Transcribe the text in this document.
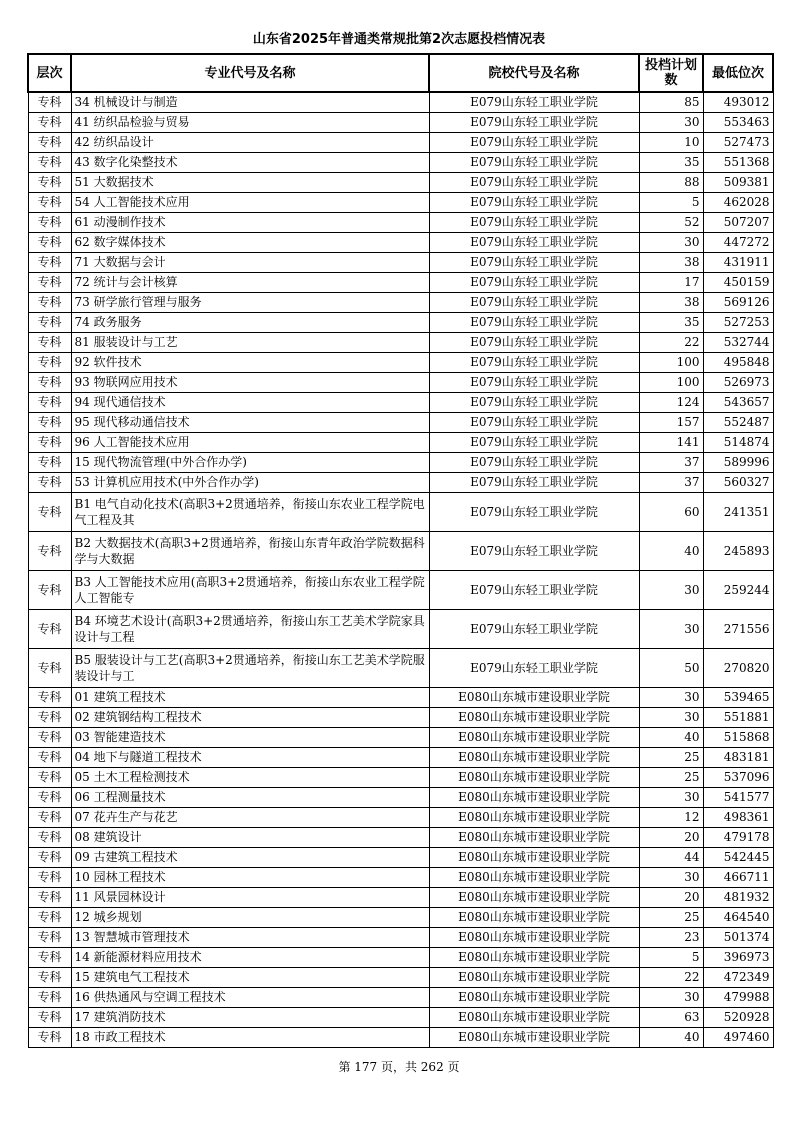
山东省2025年普通类常规批第2次志愿投档情况表
层次	专业代号及名称	院校代号及名称	投档计划数	最低位次
专科	34 机械设计与制造	E079山东轻工职业学院	85	493012
专科	41 纺织品检验与贸易	E079山东轻工职业学院	30	553463
专科	42 纺织品设计	E079山东轻工职业学院	10	527473
专科	43 数字化染整技术	E079山东轻工职业学院	35	551368
专科	51 大数据技术	E079山东轻工职业学院	88	509381
专科	54 人工智能技术应用	E079山东轻工职业学院	5	462028
专科	61 动漫制作技术	E079山东轻工职业学院	52	507207
专科	62 数字媒体技术	E079山东轻工职业学院	30	447272
专科	71 大数据与会计	E079山东轻工职业学院	38	431911
专科	72 统计与会计核算	E079山东轻工职业学院	17	450159
专科	73 研学旅行管理与服务	E079山东轻工职业学院	38	569126
专科	74 政务服务	E079山东轻工职业学院	35	527253
专科	81 服装设计与工艺	E079山东轻工职业学院	22	532744
专科	92 软件技术	E079山东轻工职业学院	100	495848
专科	93 物联网应用技术	E079山东轻工职业学院	100	526973
专科	94 现代通信技术	E079山东轻工职业学院	124	543657
专科	95 现代移动通信技术	E079山东轻工职业学院	157	552487
专科	96 人工智能技术应用	E079山东轻工职业学院	141	514874
专科	15 现代物流管理(中外合作办学)	E079山东轻工职业学院	37	589996
专科	53 计算机应用技术(中外合作办学)	E079山东轻工职业学院	37	560327
专科	B1 电气自动化技术(高职3+2贯通培养，衔接山东农业工程学院电气工程及其	E079山东轻工职业学院	60	241351
专科	B2 大数据技术(高职3+2贯通培养，衔接山东青年政治学院数据科学与大数据	E079山东轻工职业学院	40	245893
专科	B3 人工智能技术应用(高职3+2贯通培养，衔接山东农业工程学院人工智能专	E079山东轻工职业学院	30	259244
专科	B4 环境艺术设计(高职3+2贯通培养，衔接山东工艺美术学院家具设计与工程	E079山东轻工职业学院	30	271556
专科	B5 服装设计与工艺(高职3+2贯通培养，衔接山东工艺美术学院服装设计与工	E079山东轻工职业学院	50	270820
专科	01 建筑工程技术	E080山东城市建设职业学院	30	539465
专科	02 建筑钢结构工程技术	E080山东城市建设职业学院	30	551881
专科	03 智能建造技术	E080山东城市建设职业学院	40	515868
专科	04 地下与隧道工程技术	E080山东城市建设职业学院	25	483181
专科	05 土木工程检测技术	E080山东城市建设职业学院	25	537096
专科	06 工程测量技术	E080山东城市建设职业学院	30	541577
专科	07 花卉生产与花艺	E080山东城市建设职业学院	12	498361
专科	08 建筑设计	E080山东城市建设职业学院	20	479178
专科	09 古建筑工程技术	E080山东城市建设职业学院	44	542445
专科	10 园林工程技术	E080山东城市建设职业学院	30	466711
专科	11 风景园林设计	E080山东城市建设职业学院	20	481932
专科	12 城乡规划	E080山东城市建设职业学院	25	464540
专科	13 智慧城市管理技术	E080山东城市建设职业学院	23	501374
专科	14 新能源材料应用技术	E080山东城市建设职业学院	5	396973
专科	15 建筑电气工程技术	E080山东城市建设职业学院	22	472349
专科	16 供热通风与空调工程技术	E080山东城市建设职业学院	30	479988
专科	17 建筑消防技术	E080山东城市建设职业学院	63	520928
专科	18 市政工程技术	E080山东城市建设职业学院	40	497460
第 177 页，共 262 页
